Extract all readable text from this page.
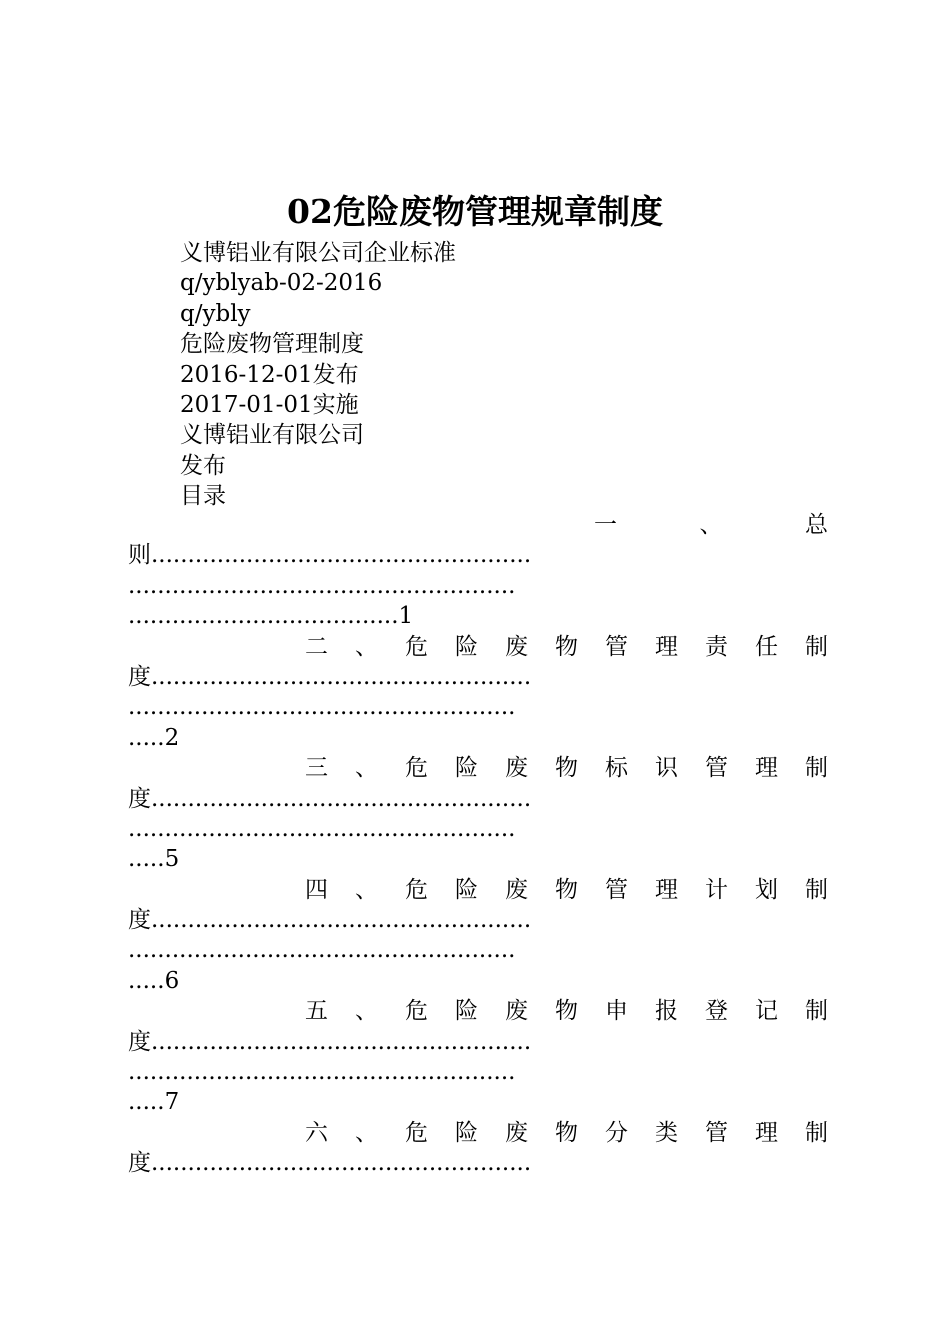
02危险废物管理规章制度
义博铝业有限公司企业标准
q/yblyab-02-2016
q/ybly
危险废物管理制度
2016-12-01发布
2017-01-01实施
义博铝业有限公司
发布
目录
一	、	总
则....................................................
.....................................................
.....................................1
二 、 危 险 废 物 管 理 责 任 制
度....................................................
.....................................................
.....2
三 、 危 险 废 物 标 识 管 理 制
度....................................................
.....................................................
.....5
四 、 危 险 废 物 管 理 计 划 制
度....................................................
.....................................................
.....6
五 、 危 险 废 物 申 报 登 记 制
度....................................................
.....................................................
.....7
六 、 危 险 废 物 分 类 管 理 制
度....................................................
